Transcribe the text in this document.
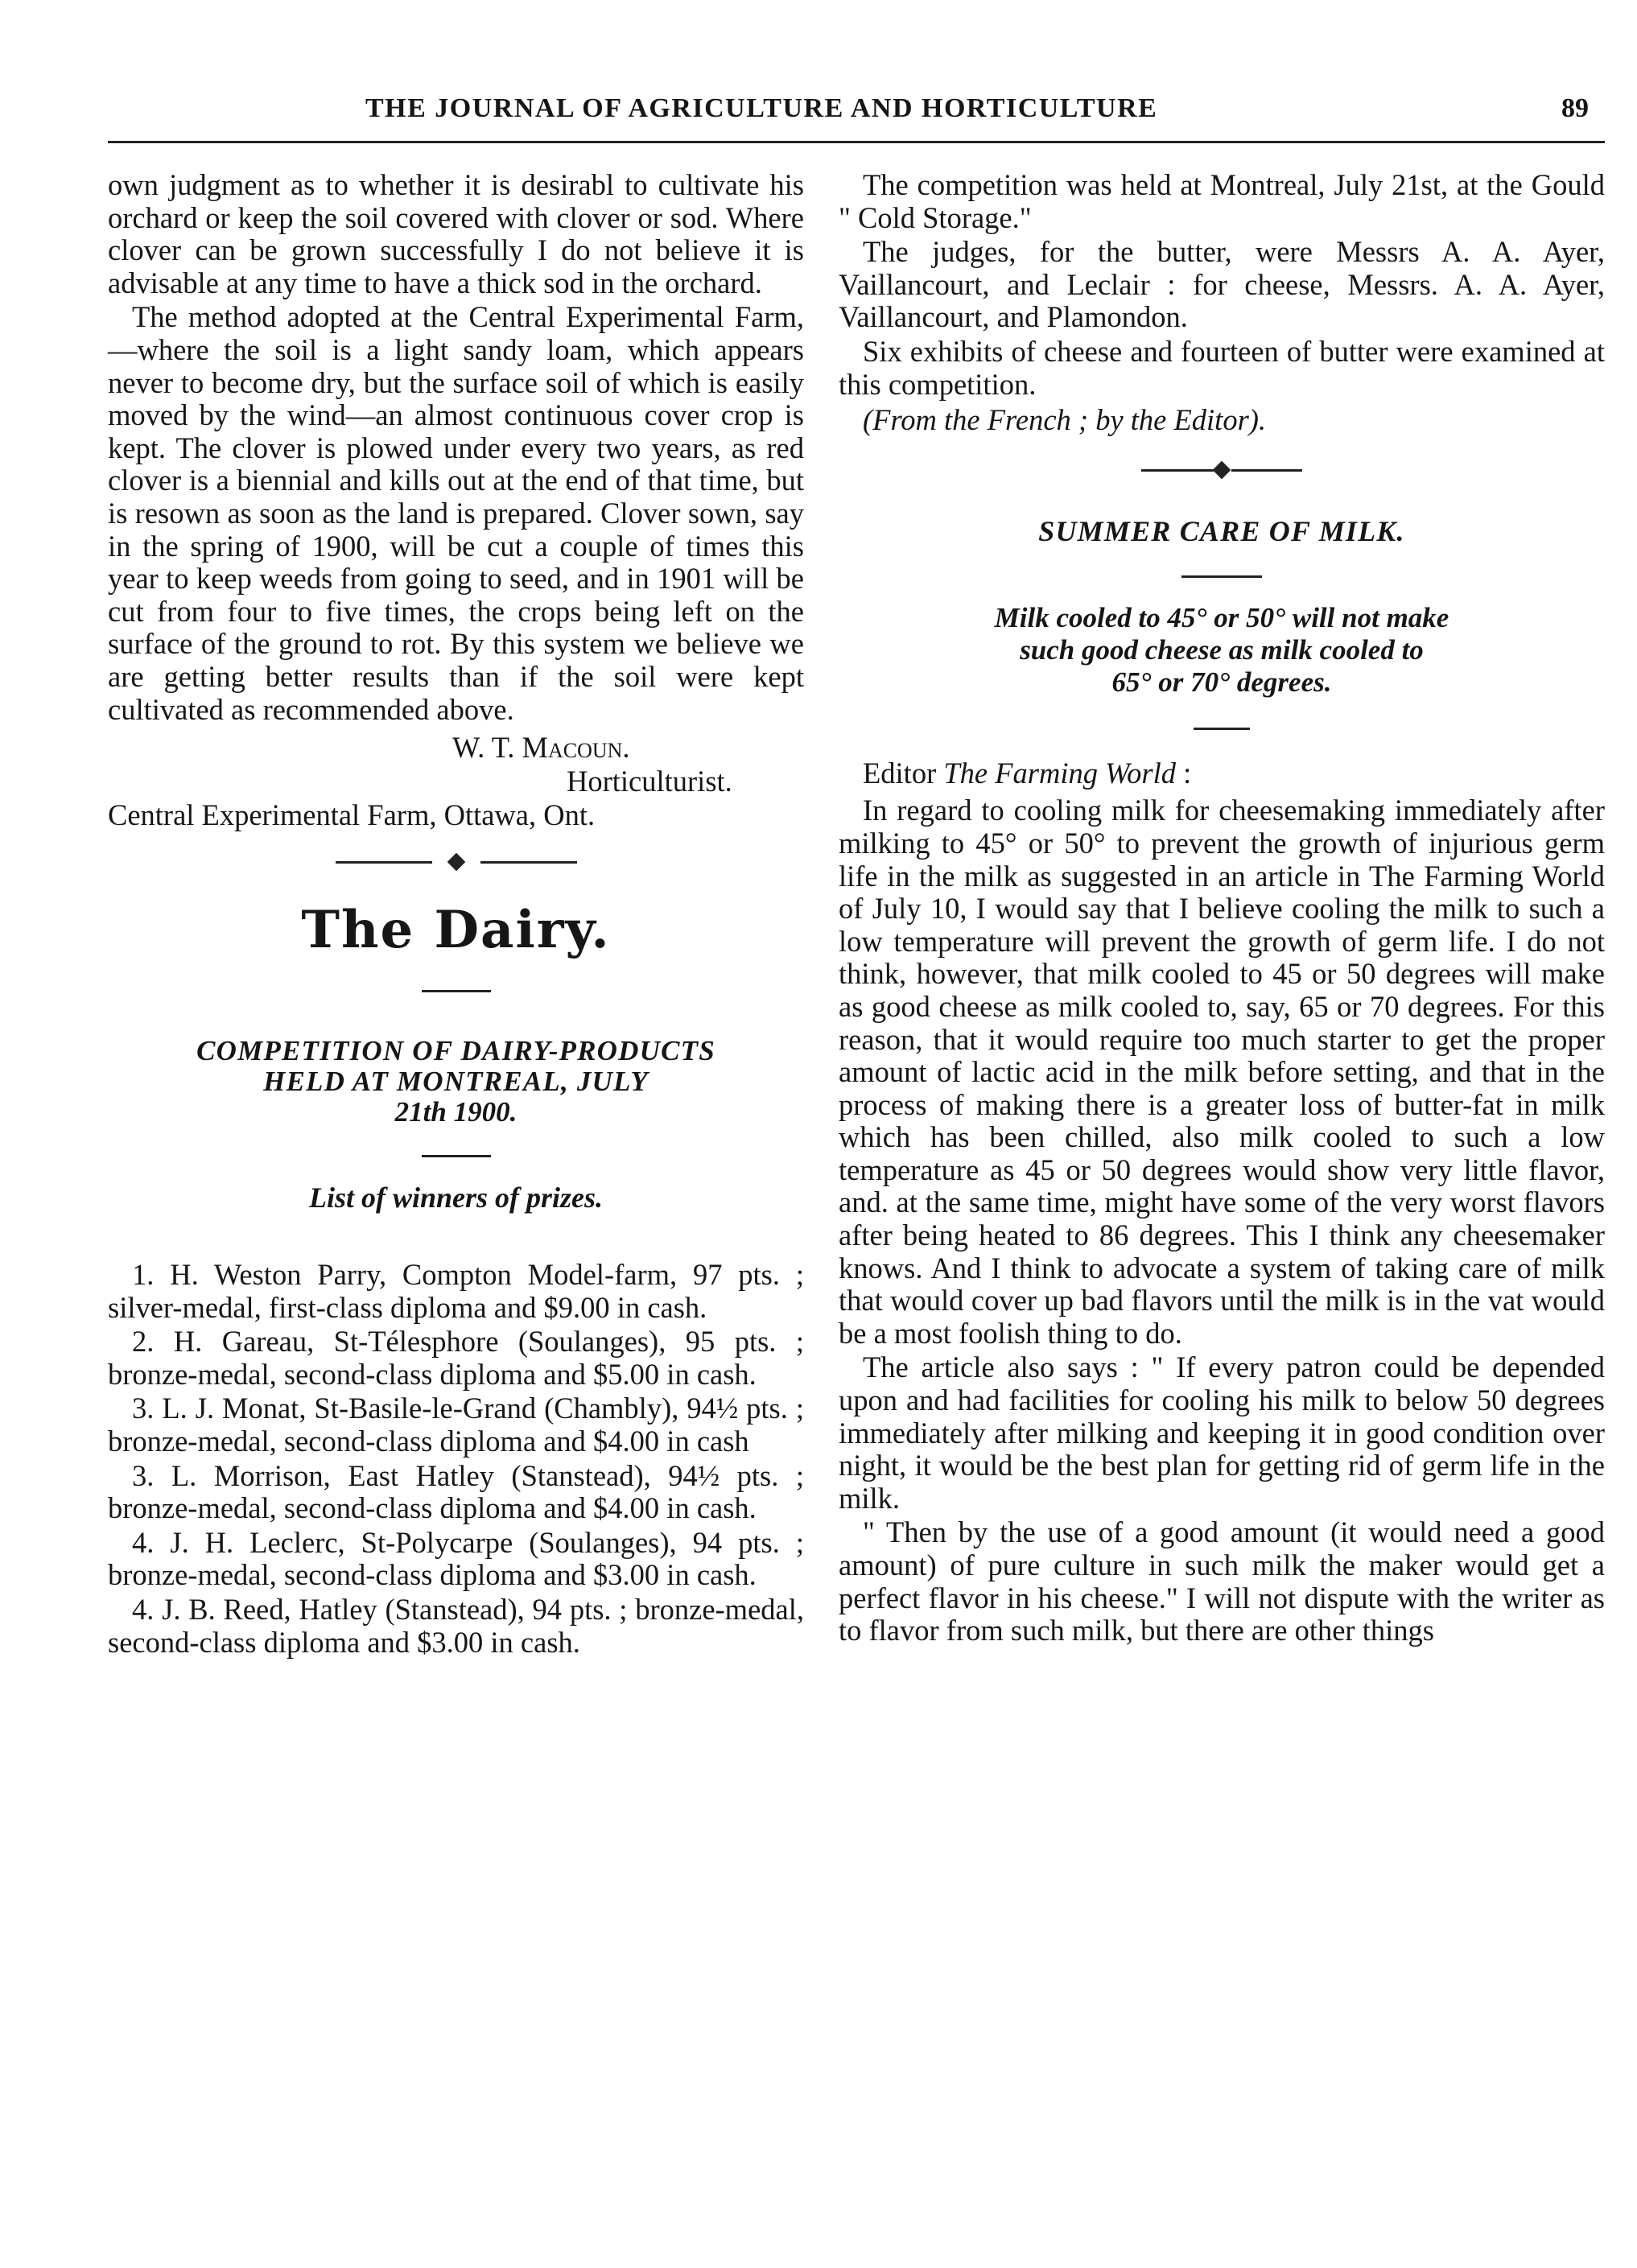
THE JOURNAL OF AGRICULTURE AND HORTICULTURE	89

own judgment as to whether it is desirabl to cultivate his orchard or keep the soil covered with clover or sod. Where clover can be grown successfully I do not believe it is advisable at any time to have a thick sod in the orchard.

The method adopted at the Central Experimental Farm,—where the soil is a light sandy loam, which appears never to become dry, but the surface soil of which is easily moved by the wind—an almost continuous cover crop is kept. The clover is plowed under every two years, as red clover is a biennial and kills out at the end of that time, but is resown as soon as the land is prepared. Clover sown, say in the spring of 1900, will be cut a couple of times this year to keep weeds from going to seed, and in 1901 will be cut from four to five times, the crops being left on the surface of the ground to rot. By this system we believe we are getting better results than if the soil were kept cultivated as recommended above.

W. T. Macoun.
Horticulturist.
Central Experimental Farm, Ottawa, Ont.
The Dairy.
COMPETITION OF DAIRY-PRODUCTS
HELD AT MONTREAL, JULY
21th 1900.
List of winners of prizes.

1. H. Weston Parry, Compton Model-farm, 97 pts. ; silver-medal, first-class diploma and $9.00 in cash.

2. H. Gareau, St-Télesphore (Soulanges), 95 pts. ; bronze-medal, second-class diploma and $5.00 in cash.

3. L. J. Monat, St-Basile-le-Grand (Chambly), 94½ pts. ; bronze-medal, second-class diploma and $4.00 in cash

3. L. Morrison, East Hatley (Stanstead), 94½ pts. ; bronze-medal, second-class diploma and $4.00 in cash.

4. J. H. Leclerc, St-Polycarpe (Soulanges), 94 pts. ; bronze-medal, second-class diploma and $3.00 in cash.

4. J. B. Reed, Hatley (Stanstead), 94 pts. ; bronze-medal, second-class diploma and $3.00 in cash.

The competition was held at Montreal, July 21st, at the Gould " Cold Storage."

The judges, for the butter, were Messrs A. A. Ayer, Vaillancourt, and Leclair : for cheese, Messrs. A. A. Ayer, Vaillancourt, and Plamondon.

Six exhibits of cheese and fourteen of butter were examined at this competition.

(From the French ; by the Editor).

SUMMER CARE OF MILK.
Milk cooled to 45° or 50° will not make
such good cheese as milk cooled to
65° or 70° degrees.

Editor The Farming World :

In regard to cooling milk for cheesemaking immediately after milking to 45° or 50° to prevent the growth of injurious germ life in the milk as suggested in an article in The Farming World of July 10, I would say that I believe cooling the milk to such a low temperature will prevent the growth of germ life. I do not think, however, that milk cooled to 45 or 50 degrees will make as good cheese as milk cooled to, say, 65 or 70 degrees. For this reason, that it would require too much starter to get the proper amount of lactic acid in the milk before setting, and that in the process of making there is a greater loss of butter-fat in milk which has been chilled, also milk cooled to such a low temperature as 45 or 50 degrees would show very little flavor, and. at the same time, might have some of the very worst flavors after being heated to 86 degrees. This I think any cheesemaker knows. And I think to advocate a system of taking care of milk that would cover up bad flavors until the milk is in the vat would be a most foolish thing to do.

The article also says : " If every patron could be depended upon and had facilities for cooling his milk to below 50 degrees immediately after milking and keeping it in good condition over night, it would be the best plan for getting rid of germ life in the milk.

" Then by the use of a good amount (it would need a good amount) of pure culture in such milk the maker would get a perfect flavor in his cheese." I will not dispute with the writer as to flavor from such milk, but there are other things
